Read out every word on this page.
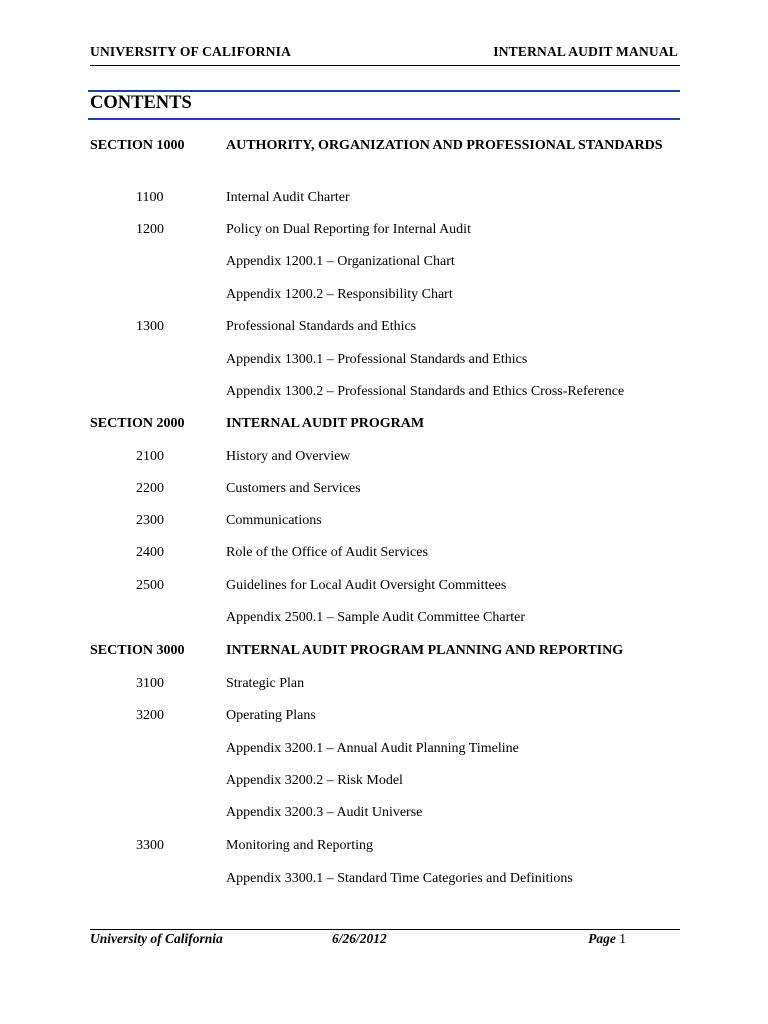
UNIVERSITY OF CALIFORNIA	INTERNAL AUDIT MANUAL
CONTENTS
SECTION 1000	AUTHORITY, ORGANIZATION AND PROFESSIONAL STANDARDS
1100	Internal Audit Charter
1200	Policy on Dual Reporting for Internal Audit
Appendix 1200.1 – Organizational Chart
Appendix 1200.2 – Responsibility Chart
1300	Professional Standards and Ethics
Appendix 1300.1 – Professional Standards and Ethics
Appendix 1300.2 – Professional Standards and Ethics Cross-Reference
SECTION 2000	INTERNAL AUDIT PROGRAM
2100	History and Overview
2200	Customers and Services
2300	Communications
2400	Role of the Office of Audit Services
2500	Guidelines for Local Audit Oversight Committees
Appendix 2500.1 – Sample Audit Committee Charter
SECTION 3000	INTERNAL AUDIT PROGRAM PLANNING AND REPORTING
3100	Strategic Plan
3200	Operating Plans
Appendix 3200.1 – Annual Audit Planning Timeline
Appendix 3200.2 – Risk Model
Appendix 3200.3 – Audit Universe
3300	Monitoring and Reporting
Appendix 3300.1 – Standard Time Categories and Definitions
University of California	6/26/2012	Page 1
